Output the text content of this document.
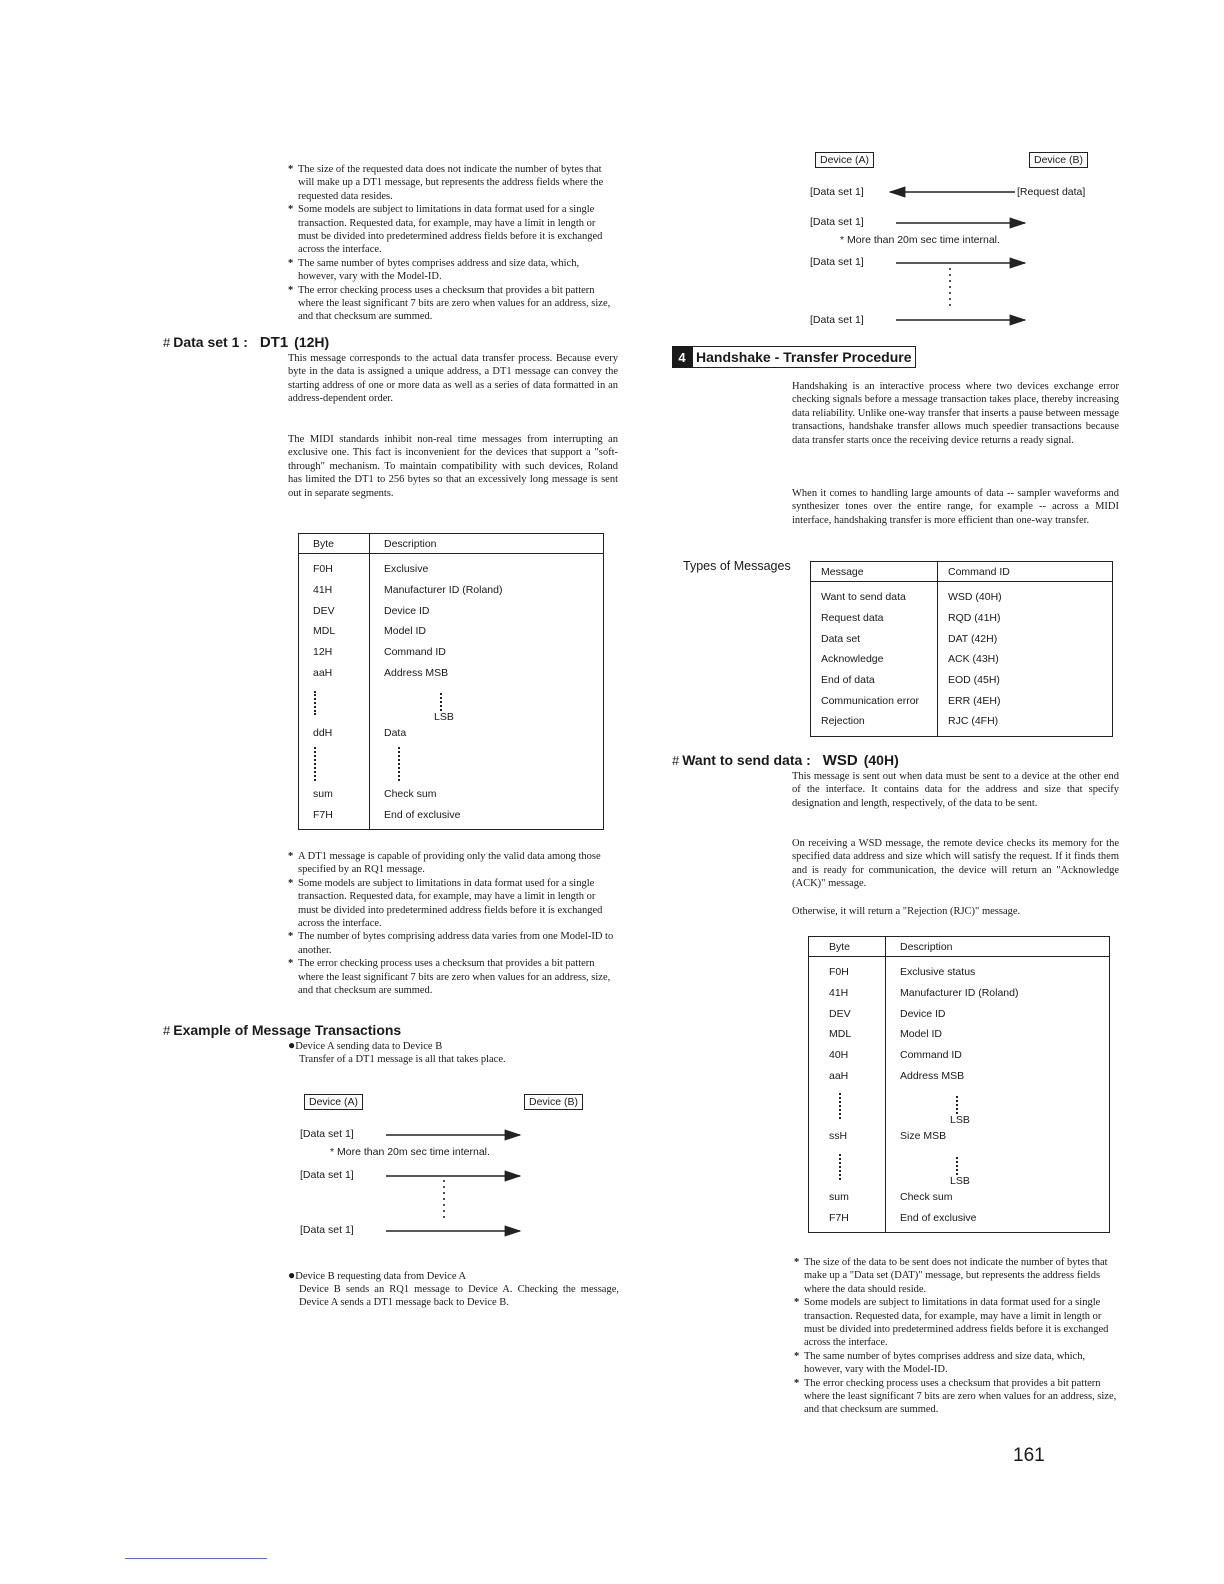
* The size of the requested data does not indicate the number of bytes that will make up a DT1 message, but represents the address fields where the requested data resides.
* Some models are subject to limitations in data format used for a single transaction. Requested data, for example, may have a limit in length or must be divided into predetermined address fields before it is exchanged across the interface.
* The same number of bytes comprises address and size data, which, however, vary with the Model-ID.
* The error checking process uses a checksum that provides a bit pattern where the least significant 7 bits are zero when values for an address, size, and that checksum are summed.
# Data set 1 : DT1 (12H)

This message corresponds to the actual data transfer process. Because every byte in the data is assigned a unique address, a DT1 message can convey the starting address of one or more data as well as a series of data formatted in an address-dependent order.

The MIDI standards inhibit non-real time messages from interrupting an exclusive one. This fact is inconvenient for the devices that support a "soft-through" mechanism. To maintain compatibility with such devices, Roland has limited the DT1 to 256 bytes so that an excessively long message is sent out in separate segments.

Byte	Description
F0H	Exclusive
41H	Manufacturer ID (Roland)
DEV	Device ID
MDL	Model ID
12H	Command ID
aaH	Address MSB

LSB
ddH	Data

sum	Check sum
F7H	End of exclusive
* A DT1 message is capable of providing only the valid data among those specified by an RQ1 message.
* Some models are subject to limitations in data format used for a single transaction. Requested data, for example, may have a limit in length or must be divided into predetermined address fields before it is exchanged across the interface.
* The number of bytes comprising address data varies from one Model-ID to another.
* The error checking process uses a checksum that provides a bit pattern where the least significant 7 bits are zero when values for an address, size, and that checksum are summed.
# Example of Message Transactions
●Device A sending data to Device B
Transfer of a DT1 message is all that takes place.
Device (A)	Device (B)
[Data set 1]
* More than 20m sec time internal.
[Data set 1]
[Data set 1]
●Device B requesting data from Device A
Device B sends an RQ1 message to Device A. Checking the message, Device A sends a DT1 message back to Device B.
Device (A)	Device (B)
[Data set 1]	[Request data]
[Data set 1]
* More than 20m sec time internal.
[Data set 1]
[Data set 1]
4 Handshake - Transfer Procedure

Handshaking is an interactive process where two devices exchange error checking signals before a message transaction takes place, thereby increasing data reliability. Unlike one-way transfer that inserts a pause between message transactions, handshake transfer allows much speedier transactions because data transfer starts once the receiving device returns a ready signal.

When it comes to handling large amounts of data -- sampler waveforms and synthesizer tones over the entire range, for example -- across a MIDI interface, handshaking transfer is more efficient than one-way transfer.

Types of Messages	Message	Command ID
Want to send data	WSD (40H)
Request data	RQD (41H)
Data set	DAT (42H)
Acknowledge	ACK (43H)
End of data	EOD (45H)
Communication error	ERR (4EH)
Rejection	RJC (4FH)
# Want to send data : WSD (40H)

This message is sent out when data must be sent to a device at the other end of the interface. It contains data for the address and size that specify designation and length, respectively, of the data to be sent.

On receiving a WSD message, the remote device checks its memory for the specified data address and size which will satisfy the request. If it finds them and is ready for communication, the device will return an "Acknowledge (ACK)" message.

Otherwise, it will return a "Rejection (RJC)" message.

Byte	Description
F0H	Exclusive status
41H	Manufacturer ID (Roland)
DEV	Device ID
MDL	Model ID
40H	Command ID
aaH	Address MSB

LSB
ssH	Size MSB

LSB
sum	Check sum
F7H	End of exclusive
* The size of the data to be sent does not indicate the number of bytes that make up a "Data set (DAT)" message, but represents the address fields where the data should reside.
* Some models are subject to limitations in data format used for a single transaction. Requested data, for example, may have a limit in length or must be divided into predetermined address fields before it is exchanged across the interface.
* The same number of bytes comprises address and size data, which, however, vary with the Model-ID.
* The error checking process uses a checksum that provides a bit pattern where the least significant 7 bits are zero when values for an address, size, and that checksum are summed.
161
